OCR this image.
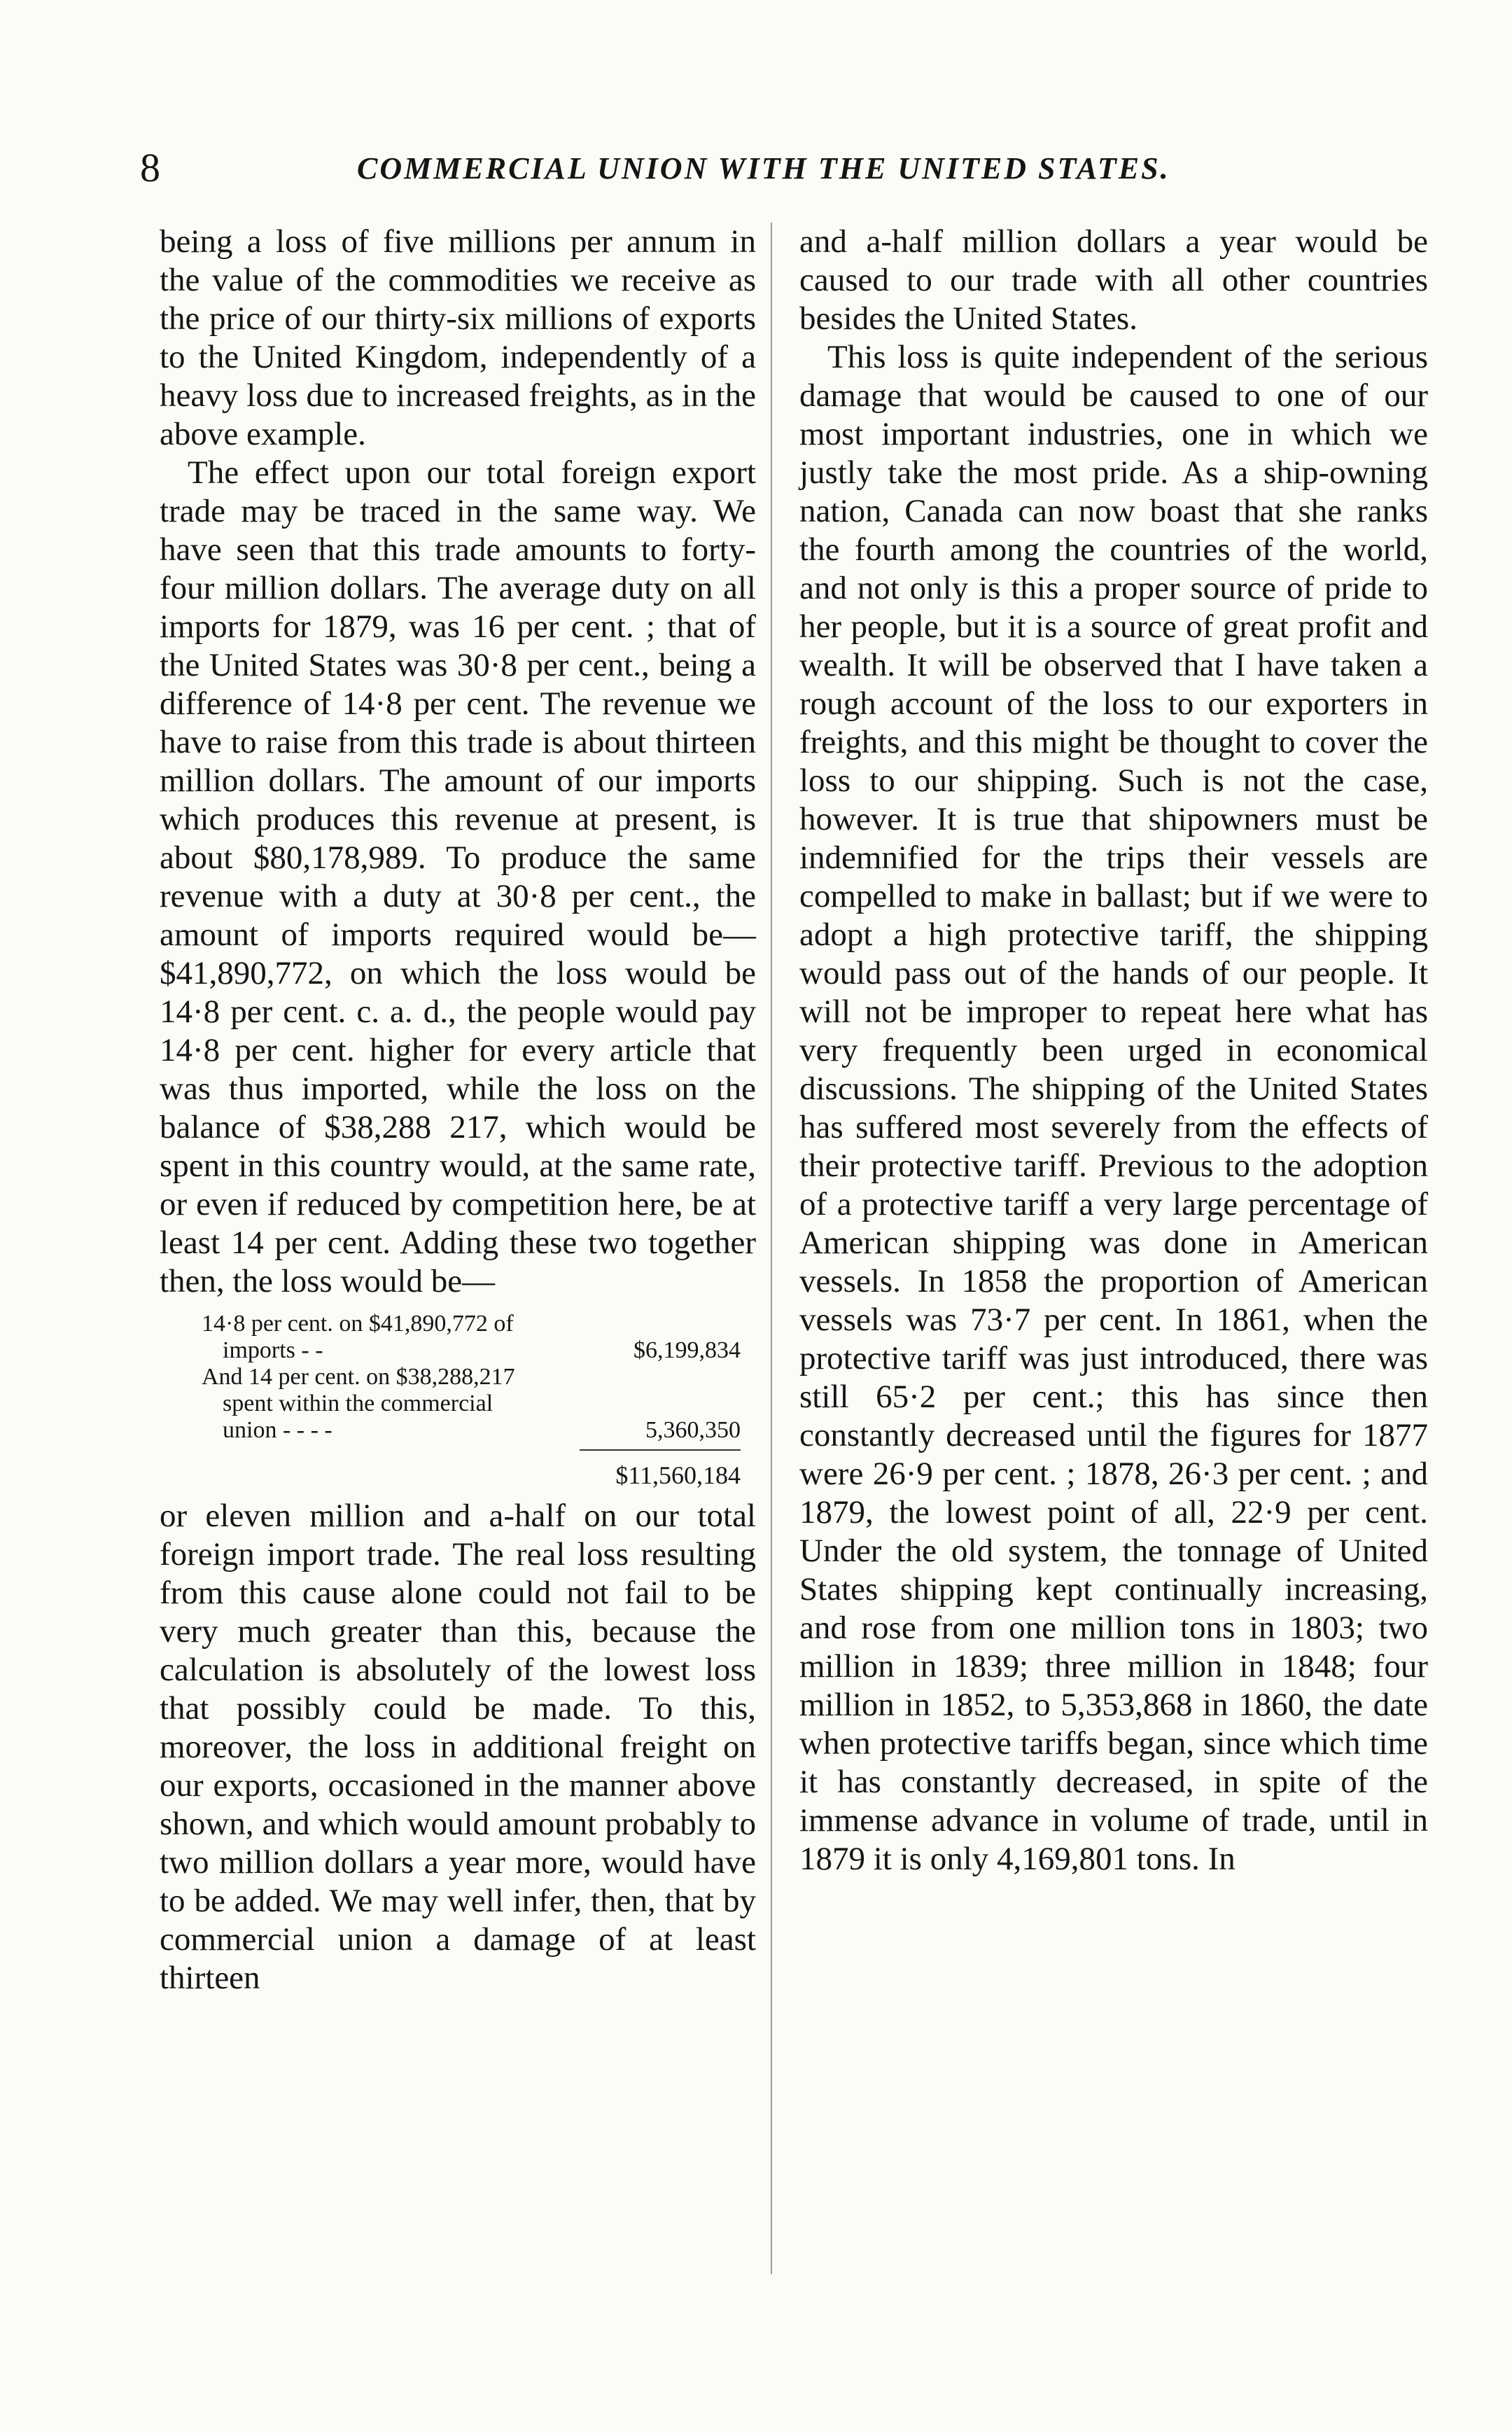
8	COMMERCIAL UNION WITH THE UNITED STATES.

being a loss of five millions per annum in the value of the commodities we receive as the price of our thirty-six millions of exports to the United Kingdom, independently of a heavy loss due to increased freights, as in the above example.

The effect upon our total foreign export trade may be traced in the same way. We have seen that this trade amounts to forty-four million dollars. The average duty on all imports for 1879, was 16 per cent. ; that of the United States was 30·8 per cent., being a difference of 14·8 per cent. The revenue we have to raise from this trade is about thirteen million dollars. The amount of our imports which produces this revenue at present, is about $80,178,989. To produce the same revenue with a duty at 30·8 per cent., the amount of imports required would be—$41,890,772, on which the loss would be 14·8 per cent. c. a. d., the people would pay 14·8 per cent. higher for every article that was thus imported, while the loss on the balance of $38,288 217, which would be spent in this country would, at the same rate, or even if reduced by competition here, be at least 14 per cent. Adding these two together then, the loss would be—

14·8 per cent. on $41,890,772 of
imports - -	$6,199,834
And 14 per cent. on $38,288,217
spent within the commercial
union - - - -	5,360,350
$11,560,184

or eleven million and a-half on our total foreign import trade. The real loss resulting from this cause alone could not fail to be very much greater than this, because the calculation is absolutely of the lowest loss that possibly could be made. To this, moreover, the loss in additional freight on our exports, occasioned in the manner above shown, and which would amount probably to two million dollars a year more, would have to be added. We may well infer, then, that by commercial union a damage of at least thirteen

and a-half million dollars a year would be caused to our trade with all other countries besides the United States.

This loss is quite independent of the serious damage that would be caused to one of our most important industries, one in which we justly take the most pride. As a ship-owning nation, Canada can now boast that she ranks the fourth among the countries of the world, and not only is this a proper source of pride to her people, but it is a source of great profit and wealth. It will be observed that I have taken a rough account of the loss to our exporters in freights, and this might be thought to cover the loss to our shipping. Such is not the case, however. It is true that shipowners must be indemnified for the trips their vessels are compelled to make in ballast; but if we were to adopt a high protective tariff, the shipping would pass out of the hands of our people. It will not be improper to repeat here what has very frequently been urged in economical discussions. The shipping of the United States has suffered most severely from the effects of their protective tariff. Previous to the adoption of a protective tariff a very large percentage of American shipping was done in American vessels. In 1858 the proportion of American vessels was 73·7 per cent. In 1861, when the protective tariff was just introduced, there was still 65·2 per cent.; this has since then constantly decreased until the figures for 1877 were 26·9 per cent. ; 1878, 26·3 per cent. ; and 1879, the lowest point of all, 22·9 per cent. Under the old system, the tonnage of United States shipping kept continually increasing, and rose from one million tons in 1803; two million in 1839; three million in 1848; four million in 1852, to 5,353,868 in 1860, the date when protective tariffs began, since which time it has constantly decreased, in spite of the immense advance in volume of trade, until in 1879 it is only 4,169,801 tons. In
